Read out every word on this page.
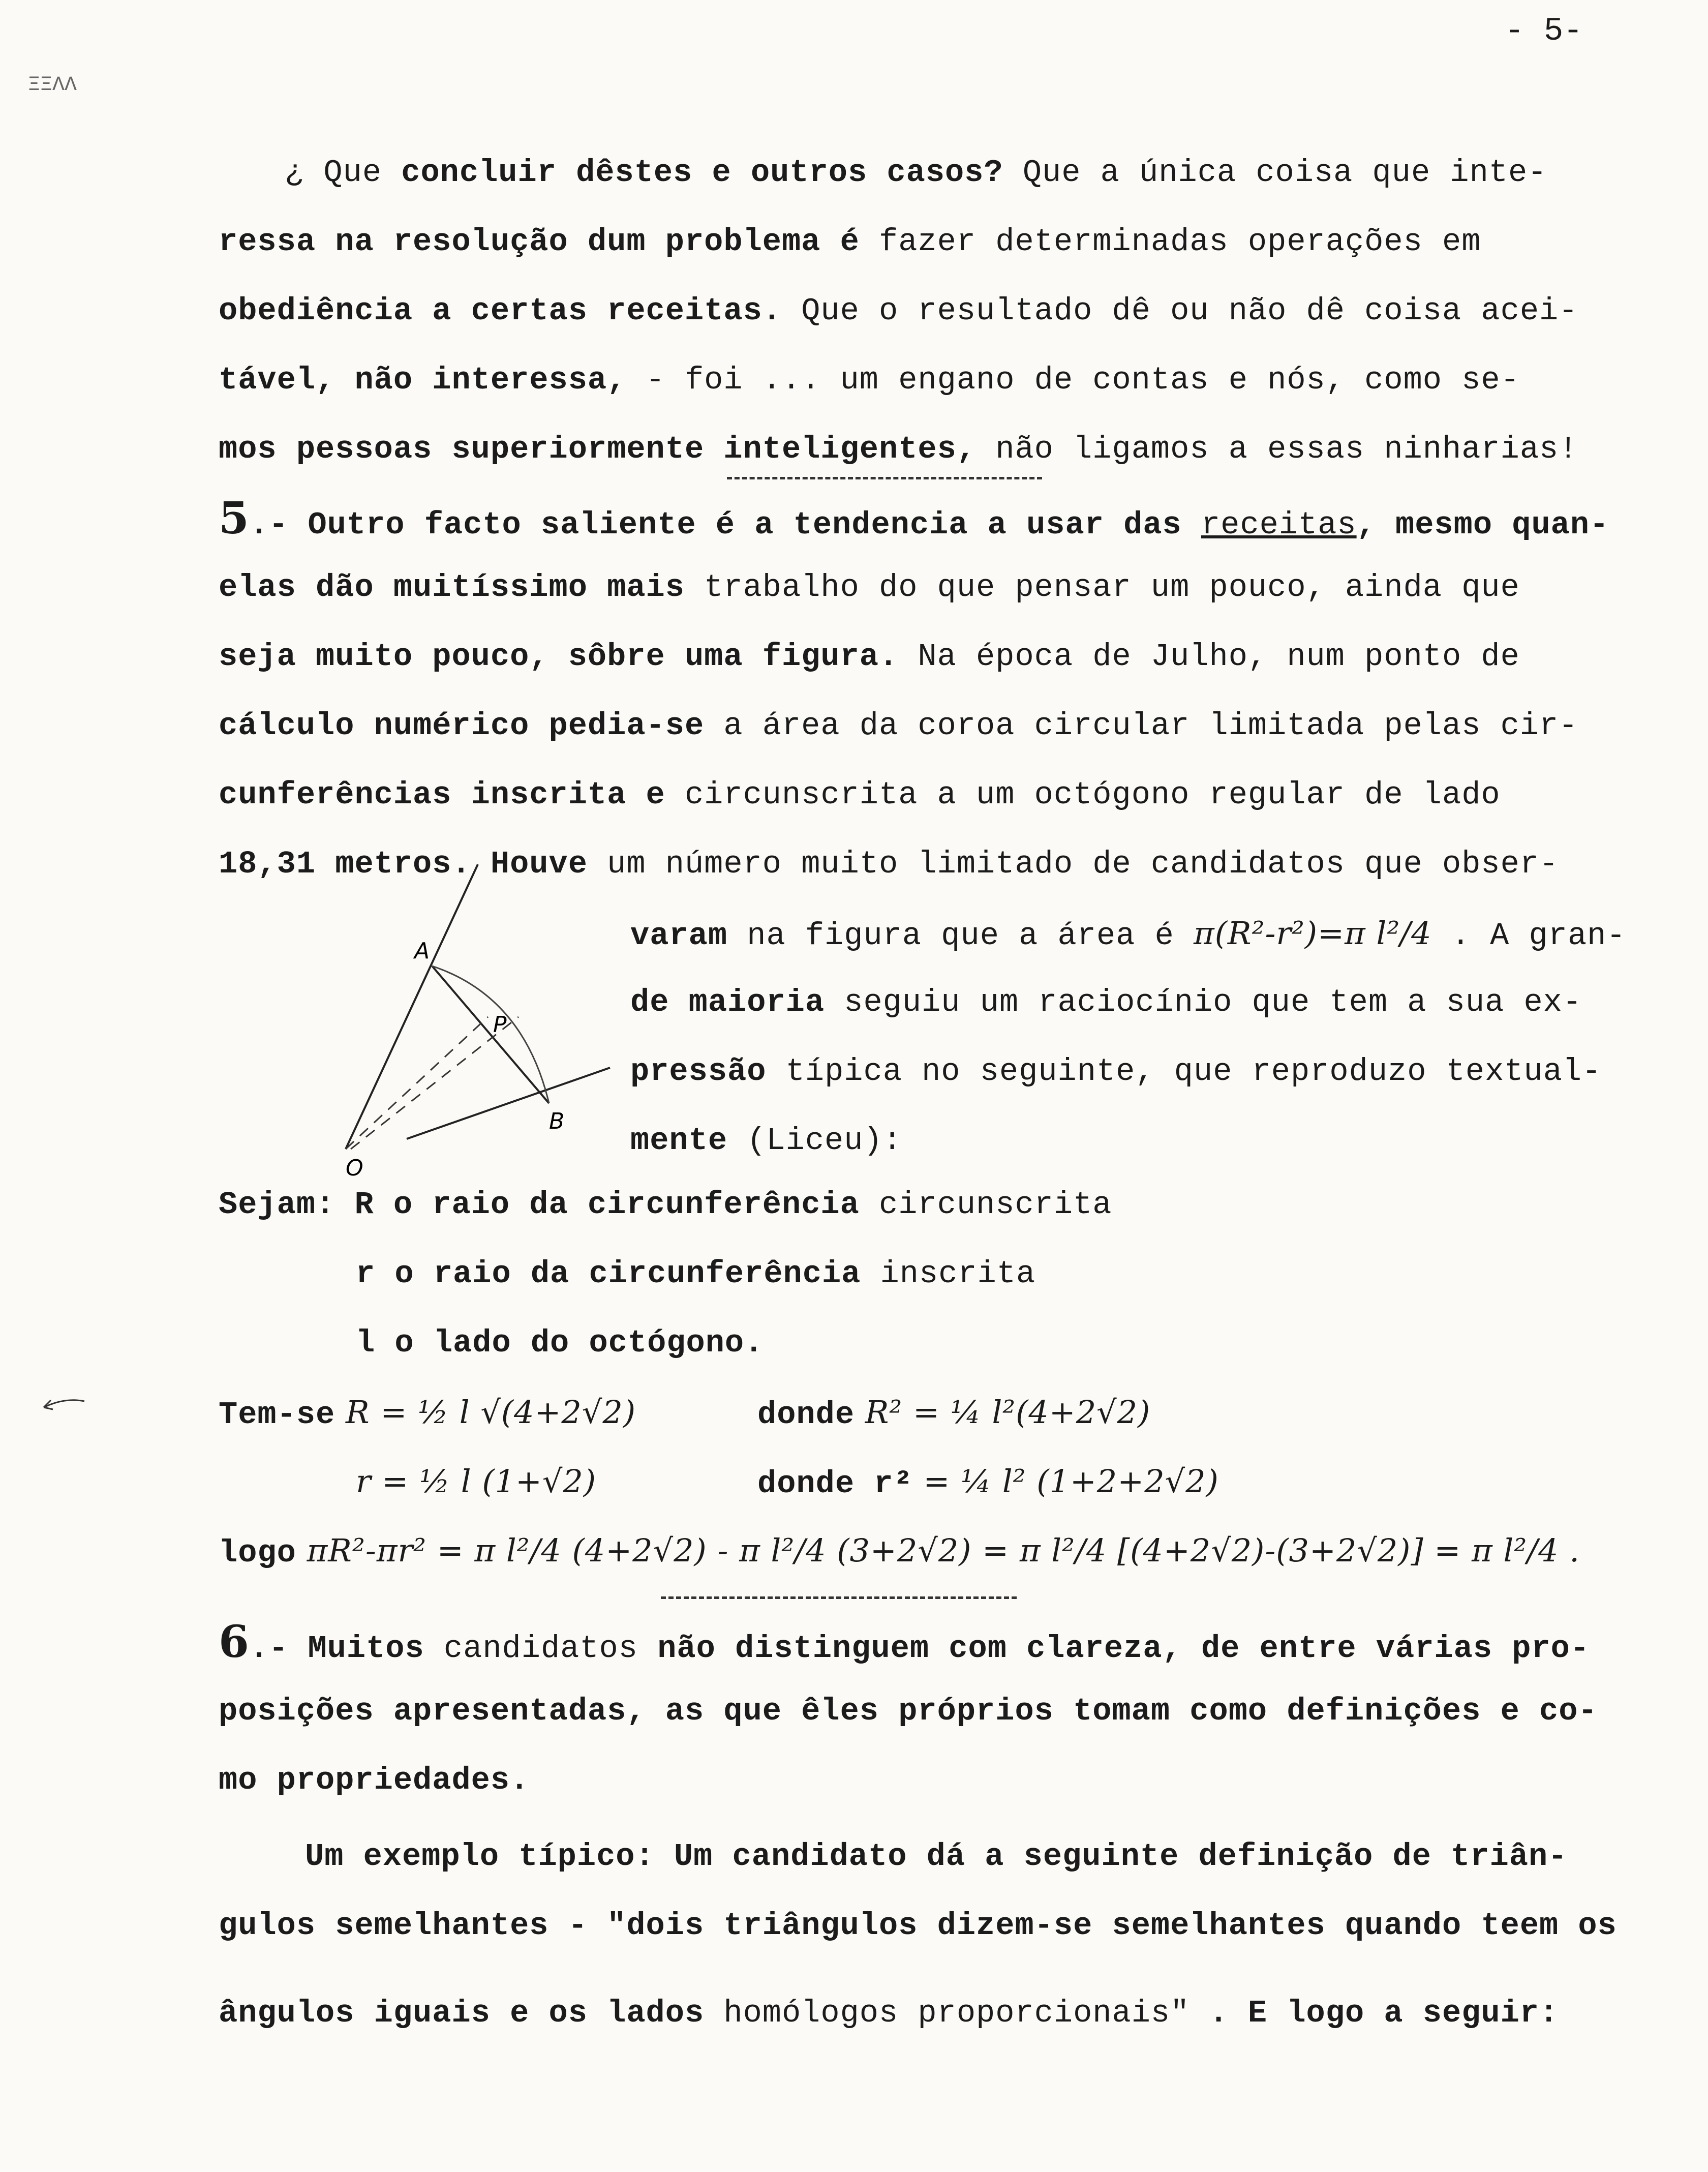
ΞΞΛΛ
- 5-
¿ Que concluir dêstes e outros casos? Que a única coisa que inte-
ressa na resolução dum problema é fazer determinadas operações em
obediência a certas receitas. Que o resultado dê ou não dê coisa acei-
tável, não interessa, - foi ... um engano de contas e nós, como se-
mos pessoas superiormente inteligentes, não ligamos a essas ninharias!
5.- Outro facto saliente é a tendencia a usar das receitas, mesmo quan-
elas dão muitíssimo mais trabalho do que pensar um pouco, ainda que
seja muito pouco, sôbre uma figura. Na época de Julho, num ponto de
cálculo numérico pedia-se a área da coroa circular limitada pelas cir-
cunferências inscrita e circunscrita a um octógono regular de lado
18,31 metros. Houve um número muito limitado de candidatos que obser-
varam na figura que a área é π(R²-r²)=π l²/4 . A gran-
de maioria seguiu um raciocínio que tem a sua ex-
pressão típica no seguinte, que reproduzo textual-
mente (Liceu):
A
P
B
O
Sejam: R o raio da circunferência circunscrita
r o raio da circunferência inscrita
l o lado do octógono.
Tem-se R = ½ l √(4+2√2)	donde R² = ¼ l²(4+2√2)
r = ½ l (1+√2)	donde r² = ¼ l² (1+2+2√2)
logo πR²-πr² = π l²/4 (4+2√2) - π l²/4 (3+2√2) = π l²/4 [(4+2√2)-(3+2√2)] = π l²/4 .
6.- Muitos candidatos não distinguem com clareza, de entre várias pro-
posições apresentadas, as que êles próprios tomam como definições e co-
mo propriedades.
Um exemplo típico: Um candidato dá a seguinte definição de triân-
gulos semelhantes - "dois triângulos dizem-se semelhantes quando teem os
ângulos iguais e os lados homólogos proporcionais" . E logo a seguir:
